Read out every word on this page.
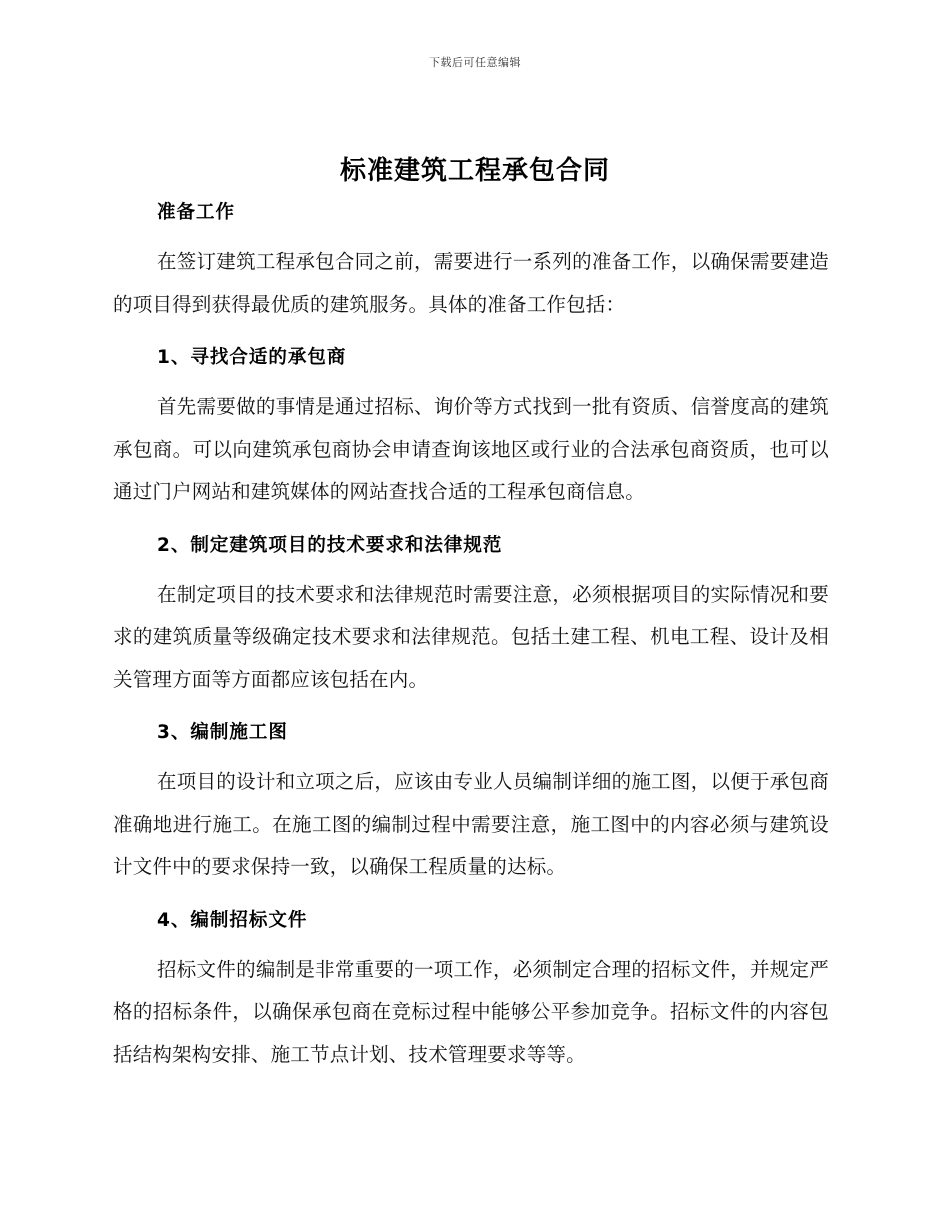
下载后可任意编辑
标准建筑工程承包合同
准备工作

在签订建筑工程承包合同之前，需要进行一系列的准备工作，以确保需要建造的项目得到获得最优质的建筑服务。具体的准备工作包括：

1、寻找合适的承包商

首先需要做的事情是通过招标、询价等方式找到一批有资质、信誉度高的建筑承包商。可以向建筑承包商协会申请查询该地区或行业的合法承包商资质，也可以通过门户网站和建筑媒体的网站查找合适的工程承包商信息。

2、制定建筑项目的技术要求和法律规范

在制定项目的技术要求和法律规范时需要注意，必须根据项目的实际情况和要求的建筑质量等级确定技术要求和法律规范。包括土建工程、机电工程、设计及相关管理方面等方面都应该包括在内。

3、编制施工图

在项目的设计和立项之后，应该由专业人员编制详细的施工图，以便于承包商准确地进行施工。在施工图的编制过程中需要注意，施工图中的内容必须与建筑设计文件中的要求保持一致，以确保工程质量的达标。

4、编制招标文件

招标文件的编制是非常重要的一项工作，必须制定合理的招标文件，并规定严格的招标条件，以确保承包商在竞标过程中能够公平参加竞争。招标文件的内容包括结构架构安排、施工节点计划、技术管理要求等等。
